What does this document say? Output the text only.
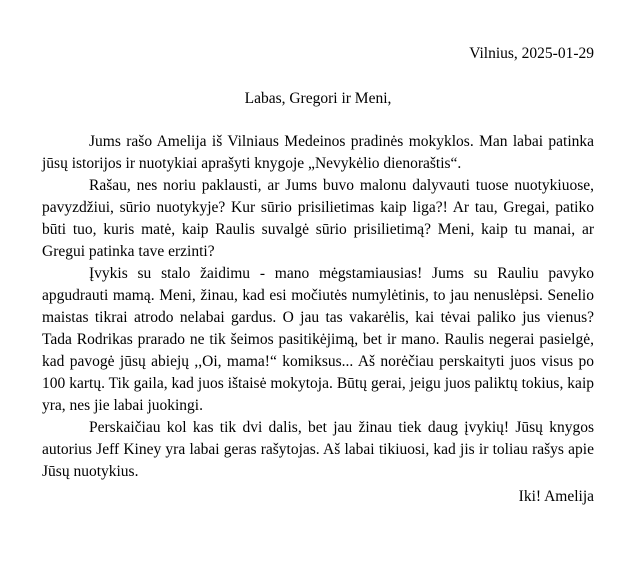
Vilnius, 2025-01-29
Labas, Gregori ir Meni,

Jums rašo Amelija iš Vilniaus Medeinos pradinės mokyklos. Man labai patinka jūsų istorijos ir nuotykiai aprašyti knygoje „Nevykėlio dienoraštis“.

Rašau, nes noriu paklausti, ar Jums buvo malonu dalyvauti tuose nuotykiuose, pavyzdžiui, sūrio nuotykyje? Kur sūrio prisilietimas kaip liga?! Ar tau, Gregai, patiko būti tuo, kuris matė, kaip Raulis suvalgė sūrio prisilietimą? Meni, kaip tu manai, ar Gregui patinka tave erzinti?

Įvykis su stalo žaidimu - mano mėgstamiausias! Jums su Rauliu pavyko apgudrauti mamą. Meni, žinau, kad esi močiutės numylėtinis, to jau nenuslėpsi. Senelio maistas tikrai atrodo nelabai gardus. O jau tas vakarėlis, kai tėvai paliko jus vienus? Tada Rodrikas prarado ne tik šeimos pasitikėjimą, bet ir mano. Raulis negerai pasielgė, kad pavogė jūsų abiejų ,,Oi, mama!“ komiksus... Aš norėčiau perskaityti juos visus po 100 kartų. Tik gaila, kad juos ištaisė mokytoja. Būtų gerai, jeigu juos paliktų tokius, kaip yra, nes jie labai juokingi.

Perskaičiau kol kas tik dvi dalis, bet jau žinau tiek daug įvykių! Jūsų knygos autorius Jeff Kiney yra labai geras rašytojas. Aš labai tikiuosi, kad jis ir toliau rašys apie Jūsų nuotykius.

Iki! Amelija
